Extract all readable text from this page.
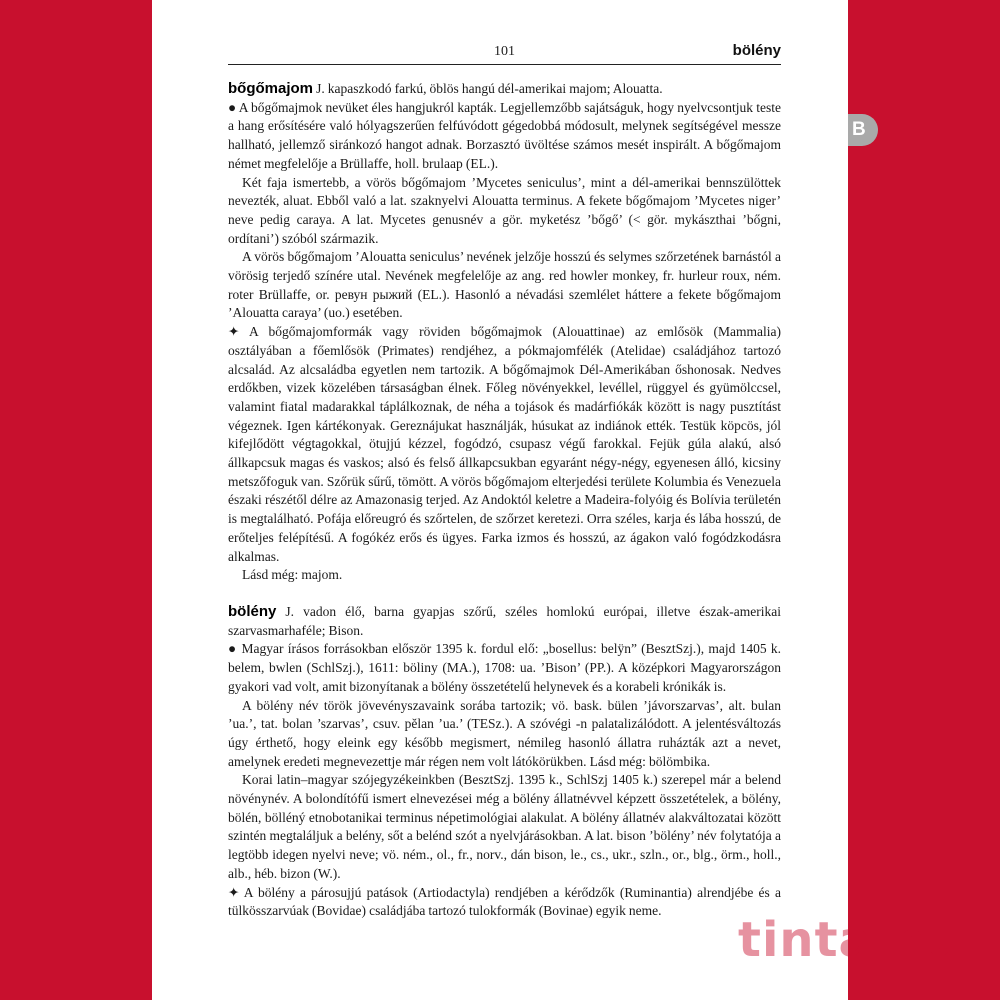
101	bölény

bőgőmajom J. kapaszkodó farkú, öblös hangú dél-amerikai majom; Alouatta.

● A bőgőmajmok nevüket éles hangjukról kapták. Legjellemzőbb sajátságuk, hogy nyelvcsontjuk teste a hang erősítésére való hólyagszerűen felfúvódott gégedobbá módosult, melynek segítségével messze hallható, jellemző siránkozó hangot adnak. Borzasztó üvöltése számos mesét inspirált. A bőgőmajom német megfelelője a Brüllaffe, holl. brulaap (EL.).

Két faja ismertebb, a vörös bőgőmajom ’Mycetes seniculus’, mint a dél-amerikai bennszülöttek nevezték, aluat. Ebből való a lat. szaknyelvi Alouatta terminus. A fekete bőgőmajom ’Mycetes niger’ neve pedig caraya. A lat. Mycetes genusnév a gör. myketész ’bőgő’ (< gör. mykászthai ’bőgni, ordítani’) szóból származik.

A vörös bőgőmajom ’Alouatta seniculus’ nevének jelzője hosszú és selymes szőrzetének barnástól a vörösig terjedő színére utal. Nevének megfelelője az ang. red howler monkey, fr. hurleur roux, ném. roter Brüllaffe, or. ревун рыжий (EL.). Hasonló a névadási szemlélet háttere a fekete bőgőmajom ’Alouatta caraya’ (uo.) esetében.

✦ A bőgőmajomformák vagy röviden bőgőmajmok (Alouattinae) az emlősök (Mammalia) osztályában a főemlősök (Primates) rendjéhez, a pókmajomfélék (Atelidae) családjához tartozó alcsalád. Az alcsaládba egyetlen nem tartozik. A bőgőmajmok Dél-Amerikában őshonosak. Nedves erdőkben, vizek közelében társaságban élnek. Főleg növényekkel, levéllel, rüggyel és gyümölccsel, valamint fiatal madarakkal táplálkoznak, de néha a tojások és madárfiókák között is nagy pusztítást végeznek. Igen kártékonyak. Gereznájukat használják, húsukat az indiánok ették. Testük köpcös, jól kifejlődött végtagokkal, ötujjú kézzel, fogódzó, csupasz végű farokkal. Fejük gúla alakú, alsó állkapcsuk magas és vaskos; alsó és felső állkapcsukban egyaránt négy-négy, egyenesen álló, kicsiny metszőfoguk van. Szőrük sűrű, tömött. A vörös bőgőmajom elterjedési területe Kolumbia és Venezuela északi részétől délre az Amazonasig terjed. Az Andoktól keletre a Madeira-folyóig és Bolívia területén is megtalálható. Pofája előreugró és szőrtelen, de szőrzet keretezi. Orra széles, karja és lába hosszú, de erőteljes felépítésű. A fogókéz erős és ügyes. Farka izmos és hosszú, az ágakon való fogódzkodásra alkalmas.

Lásd még: majom.

bölény J. vadon élő, barna gyapjas szőrű, széles homlokú európai, illetve észak-amerikai szarvasmarhaféle; Bison.

● Magyar írásos forrásokban először 1395 k. fordul elő: „bosellus: belÿn” (BesztSzj.), majd 1405 k. belem, bwlen (SchlSzj.), 1611: böliny (MA.), 1708: ua. ’Bison’ (PP.). A középkori Magyarországon gyakori vad volt, amit bizonyítanak a bölény összetételű helynevek és a korabeli krónikák is.

A bölény név török jövevényszavaink sorába tartozik; vö. bask. bülen ’jávorszarvas’, alt. bulan ’ua.’, tat. bolan ’szarvas’, csuv. pĕlan ’ua.’ (TESz.). A szóvégi -n palatalizálódott. A jelentésváltozás úgy érthető, hogy eleink egy később megismert, némileg hasonló állatra ruházták azt a nevet, amelynek eredeti megnevezettje már régen nem volt látókörükben. Lásd még: bölömbika.

Korai latin–magyar szójegyzékeinkben (BesztSzj. 1395 k., SchlSzj 1405 k.) szerepel már a belend növénynév. A bolondítófű ismert elnevezései még a bölény állatnévvel képzett összetételek, a bölény, bölén, bölléný etnobotanikai terminus népetimológiai alakulat. A bölény állatnév alakváltozatai között szintén megtaláljuk a belény, sőt a belénd szót a nyelvjárásokban. A lat. bison ’bölény’ név folytatója a legtöbb idegen nyelvi neve; vö. ném., ol., fr., norv., dán bison, le., cs., ukr., szln., or., blg., örm., holl., alb., héb. bizon (W.).

✦ A bölény a párosujjú patások (Artiodactyla) rendjében a kérődzők (Ruminantia) alrendjébe és a tülkösszarvúak (Bovidae) családjába tartozó tulokformák (Bovinae) egyik neme.

B
tinta.hu
